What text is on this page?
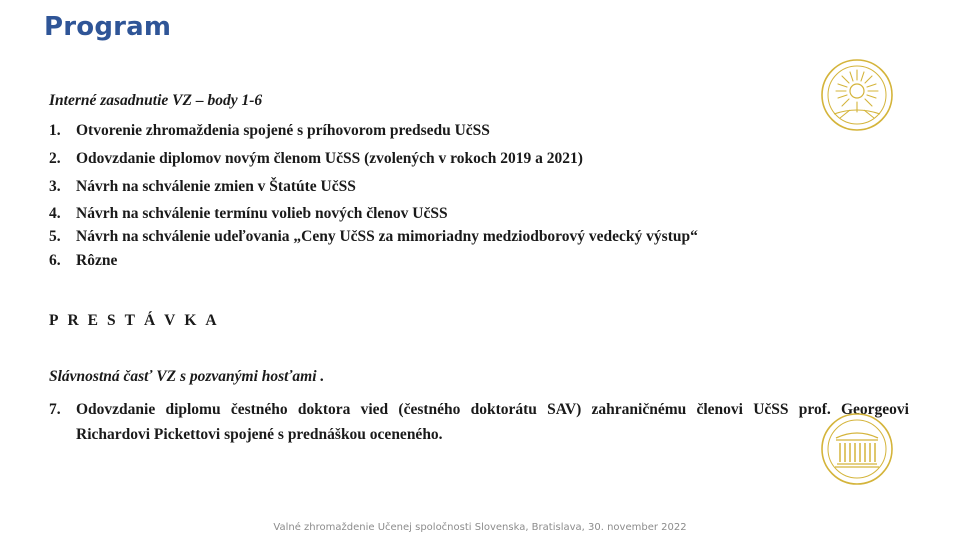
Program
Interné zasadnutie VZ – body 1-6
1. Otvorenie zhromaždenia spojené s príhovorom predsedu UčSS
2. Odovzdanie diplomov novým členom UčSS (zvolených v rokoch 2019 a 2021)
3. Návrh na schválenie zmien v Štatúte UčSS
4. Návrh na schválenie termínu volieb nových členov UčSS
5. Návrh na schválenie udeľovania „Ceny UčSS za mimoriadny medziodborový vedecký výstup“
6. Rôzne
PRESTÁVKA
Slávnostná časť VZ s pozvanými hosťami .
7. Odovzdanie diplomu čestného doktora vied (čestného doktorátu SAV) zahraničnému členovi UčSS prof. Georgeovi Richardovi Pickettovi spojené s prednáškou oceneného.
Valné zhromaždenie Učenej spoločnosti Slovenska, Bratislava, 30. november 2022
